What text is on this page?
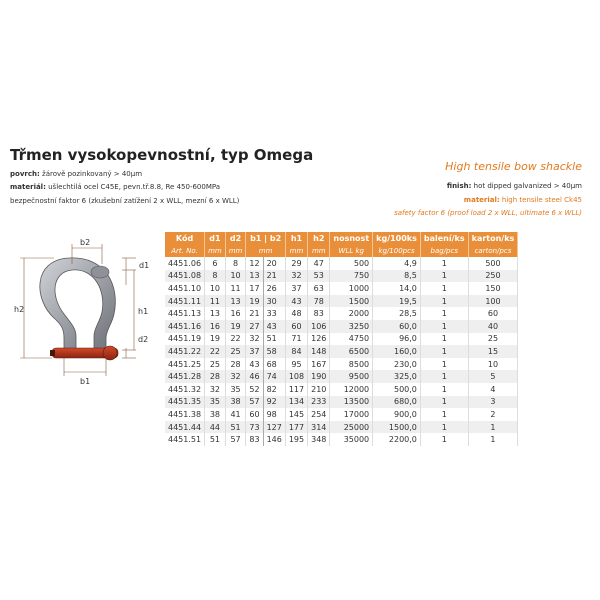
Třmen vysokopevnostní, typ Omega
povrch: žárově pozinkovaný > 40µm
materiál: ušlechtilá ocel C45E, pevn.tř.8.8, Re 450-600MPa
bezpečnostní faktor 6 (zkušební zatížení 2 x WLL, mezní 6 x WLL)
High tensile bow shackle
finish: hot dipped galvanized > 40µm
material: high tensile steel Ck45
safety factor 6 (proof load 2 x WLL, ultimate 6 x WLL)
b2
d1
h1
d2
h2
b1
Kód	d1	d2	b1 | b2		h1	h2	nosnost	kg/100ks	balení/ks	karton/ks
Art. No.	mm	mm	mm		mm	mm	WLL kg	kg/100pcs	bag/pcs	carton/pcs
4451.06	6	8	12	20	29	47	500	4,9	1	500
4451.08	8	10	13	21	32	53	750	8,5	1	250
4451.10	10	11	17	26	37	63	1000	14,0	1	150
4451.11	11	13	19	30	43	78	1500	19,5	1	100
4451.13	13	16	21	33	48	83	2000	28,5	1	60
4451.16	16	19	27	43	60	106	3250	60,0	1	40
4451.19	19	22	32	51	71	126	4750	96,0	1	25
4451.22	22	25	37	58	84	148	6500	160,0	1	15
4451.25	25	28	43	68	95	167	8500	230,0	1	10
4451.28	28	32	46	74	108	190	9500	325,0	1	5
4451.32	32	35	52	82	117	210	12000	500,0	1	4
4451.35	35	38	57	92	134	233	13500	680,0	1	3
4451.38	38	41	60	98	145	254	17000	900,0	1	2
4451.44	44	51	73	127	177	314	25000	1500,0	1	1
4451.51	51	57	83	146	195	348	35000	2200,0	1	1
